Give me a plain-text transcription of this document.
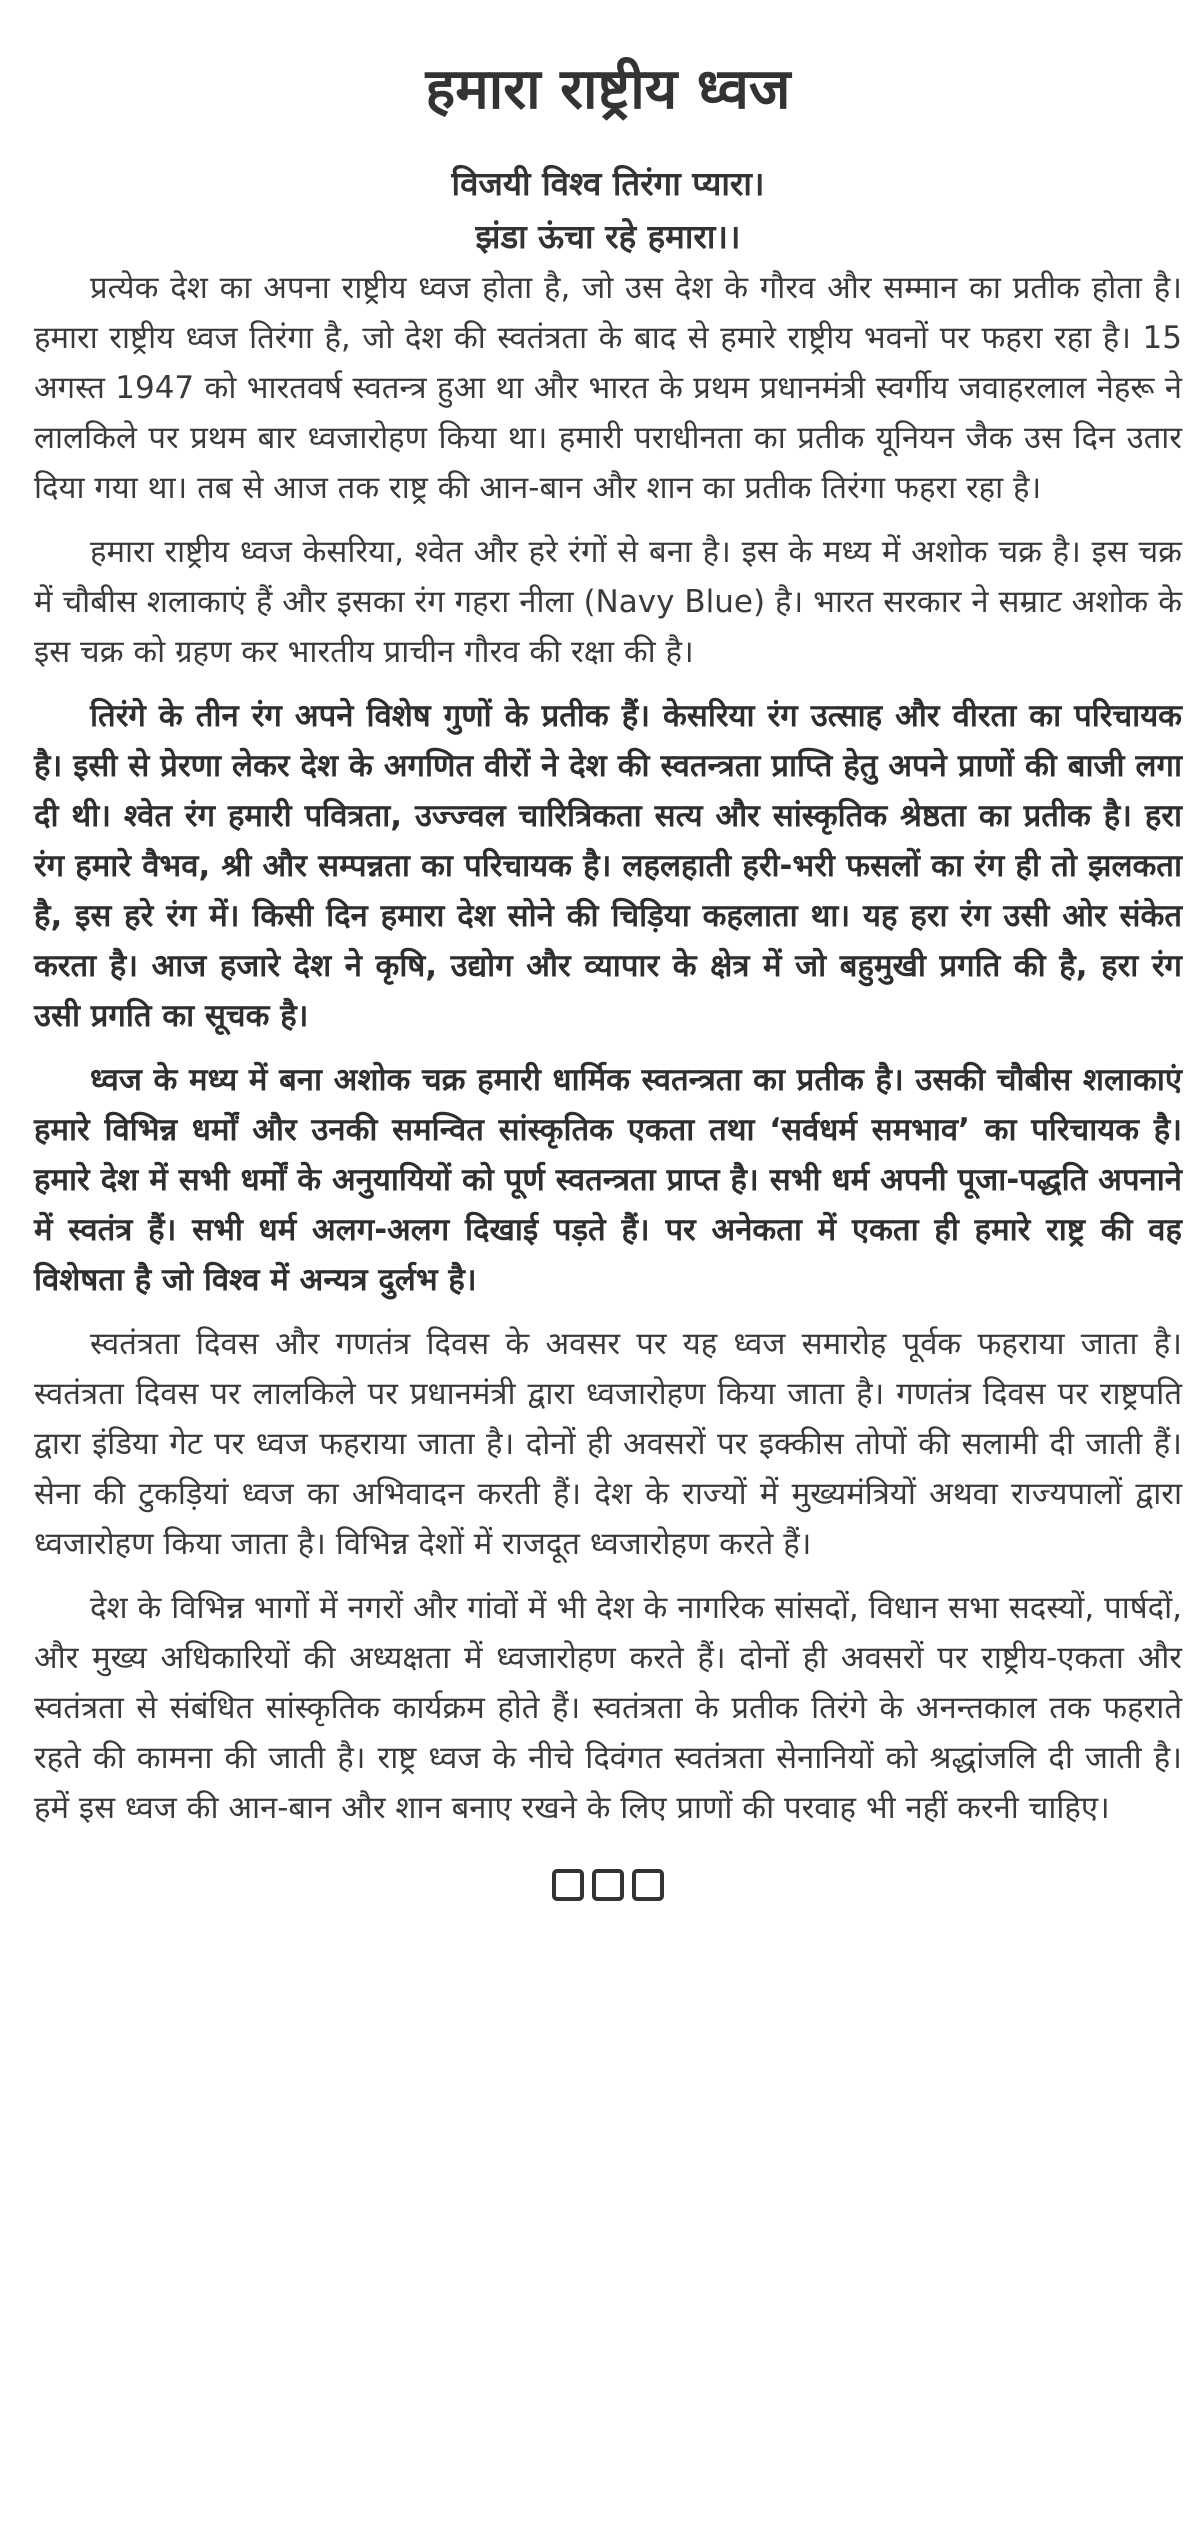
हमारा राष्ट्रीय ध्वज

विजयी विश्व तिरंगा प्यारा।

झंडा ऊंचा रहे हमारा।।

प्रत्येक देश का अपना राष्ट्रीय ध्वज होता है, जो उस देश के गौरव और सम्मान का प्रतीक होता है। हमारा राष्ट्रीय ध्वज तिरंगा है, जो देश की स्वतंत्रता के बाद से हमारे राष्ट्रीय भवनों पर फहरा रहा है। 15 अगस्त 1947 को भारतवर्ष स्वतन्त्र हुआ था और भारत के प्रथम प्रधानमंत्री स्वर्गीय जवाहरलाल नेहरू ने लालकिले पर प्रथम बार ध्वजारोहण किया था। हमारी पराधीनता का प्रतीक यूनियन जैक उस दिन उतार दिया गया था। तब से आज तक राष्ट्र की आन-बान और शान का प्रतीक तिरंगा फहरा रहा है।

हमारा राष्ट्रीय ध्वज केसरिया, श्वेत और हरे रंगों से बना है। इस के मध्य में अशोक चक्र है। इस चक्र में चौबीस शलाकाएं हैं और इसका रंग गहरा नीला (Navy Blue) है। भारत सरकार ने सम्राट अशोक के इस चक्र को ग्रहण कर भारतीय प्राचीन गौरव की रक्षा की है।

तिरंगे के तीन रंग अपने विशेष गुणों के प्रतीक हैं। केसरिया रंग उत्साह और वीरता का परिचायक है। इसी से प्रेरणा लेकर देश के अगणित वीरों ने देश की स्वतन्त्रता प्राप्ति हेतु अपने प्राणों की बाजी लगा दी थी। श्वेत रंग हमारी पवित्रता, उज्ज्वल चारित्रिकता सत्य और सांस्कृतिक श्रेष्ठता का प्रतीक है। हरा रंग हमारे वैभव, श्री और सम्पन्नता का परिचायक है। लहलहाती हरी-भरी फसलों का रंग ही तो झलकता है, इस हरे रंग में। किसी दिन हमारा देश सोने की चिड़िया कहलाता था। यह हरा रंग उसी ओर संकेत करता है। आज हजारे देश ने कृषि, उद्योग और व्यापार के क्षेत्र में जो बहुमुखी प्रगति की है, हरा रंग उसी प्रगति का सूचक है।

ध्वज के मध्य में बना अशोक चक्र हमारी धार्मिक स्वतन्त्रता का प्रतीक है। उसकी चौबीस शलाकाएं हमारे विभिन्न धर्मों और उनकी समन्वित सांस्कृतिक एकता तथा ‘सर्वधर्म समभाव’ का परिचायक है। हमारे देश में सभी धर्मों के अनुयायियों को पूर्ण स्वतन्त्रता प्राप्त है। सभी धर्म अपनी पूजा-पद्धति अपनाने में स्वतंत्र हैं। सभी धर्म अलग-अलग दिखाई पड़ते हैं। पर अनेकता में एकता ही हमारे राष्ट्र की वह विशेषता है जो विश्व में अन्यत्र दुर्लभ है।

स्वतंत्रता दिवस और गणतंत्र दिवस के अवसर पर यह ध्वज समारोह पूर्वक फहराया जाता है। स्वतंत्रता दिवस पर लालकिले पर प्रधानमंत्री द्वारा ध्वजारोहण किया जाता है। गणतंत्र दिवस पर राष्ट्रपति द्वारा इंडिया गेट पर ध्वज फहराया जाता है। दोनों ही अवसरों पर इक्कीस तोपों की सलामी दी जाती हैं। सेना की टुकड़ियां ध्वज का अभिवादन करती हैं। देश के राज्यों में मुख्यमंत्रियों अथवा राज्यपालों द्वारा ध्वजारोहण किया जाता है। विभिन्न देशों में राजदूत ध्वजारोहण करते हैं।

देश के विभिन्न भागों में नगरों और गांवों में भी देश के नागरिक सांसदों, विधान सभा सदस्यों, पार्षदों, और मुख्य अधिकारियों की अध्यक्षता में ध्वजारोहण करते हैं। दोनों ही अवसरों पर राष्ट्रीय-एकता और स्वतंत्रता से संबंधित सांस्कृतिक कार्यक्रम होते हैं। स्वतंत्रता के प्रतीक तिरंगे के अनन्तकाल तक फहराते रहते की कामना की जाती है। राष्ट्र ध्वज के नीचे दिवंगत स्वतंत्रता सेनानियों को श्रद्धांजलि दी जाती है। हमें इस ध्वज की आन-बान और शान बनाए रखने के लिए प्राणों की परवाह भी नहीं करनी चाहिए।
